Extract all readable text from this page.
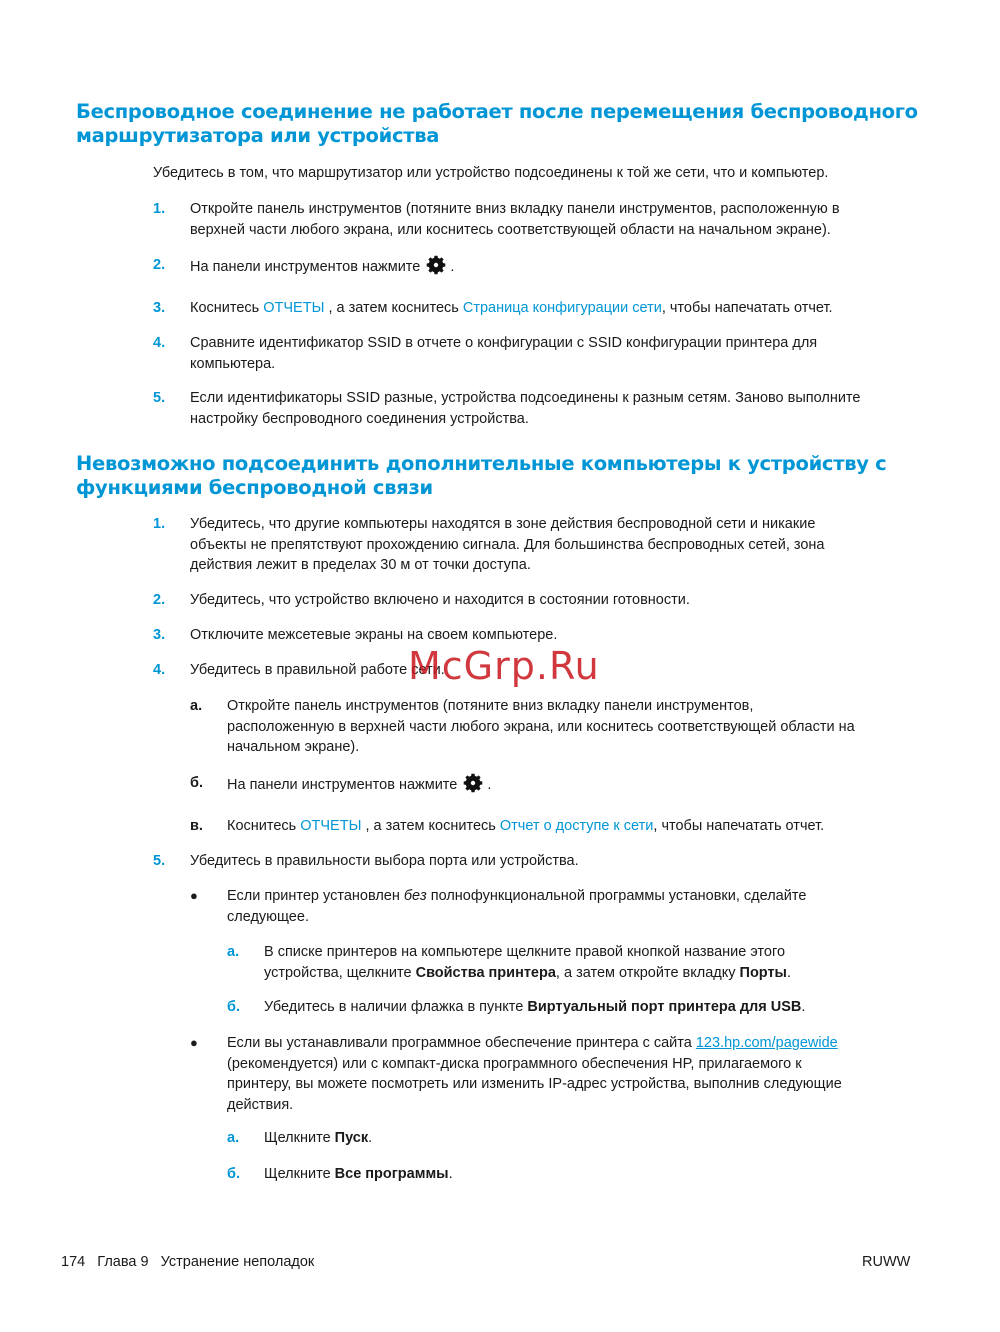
Беспроводное соединение не работает после перемещения беспроводного
маршрутизатора или устройства
Убедитесь в том, что маршрутизатор или устройство подсоединены к той же сети, что и компьютер.
1. Откройте панель инструментов (потяните вниз вкладку панели инструментов, расположенную в
верхней части любого экрана, или коснитесь соответствующей области на начальном экране).
2. На панели инструментов нажмите .
3. Коснитесь ОТЧЕТЫ , а затем коснитесь Страница конфигурации сети, чтобы напечатать отчет.
4. Сравните идентификатор SSID в отчете о конфигурации с SSID конфигурации принтера для
компьютера.
5. Если идентификаторы SSID разные, устройства подсоединены к разным сетям. Заново выполните
настройку беспроводного соединения устройства.
Невозможно подсоединить дополнительные компьютеры к устройству с
функциями беспроводной связи
1. Убедитесь, что другие компьютеры находятся в зоне действия беспроводной сети и никакие
объекты не препятствуют прохождению сигнала. Для большинства беспроводных сетей, зона
действия лежит в пределах 30 м от точки доступа.
2. Убедитесь, что устройство включено и находится в состоянии готовности.
3. Отключите межсетевые экраны на своем компьютере.
4. Убедитесь в правильной работе сети.
а. Откройте панель инструментов (потяните вниз вкладку панели инструментов,
расположенную в верхней части любого экрана, или коснитесь соответствующей области на
начальном экране).
б. На панели инструментов нажмите .
в. Коснитесь ОТЧЕТЫ , а затем коснитесь Отчет о доступе к сети, чтобы напечатать отчет.
5. Убедитесь в правильности выбора порта или устройства.
● Если принтер установлен без полнофункциональной программы установки, сделайте
следующее.
а. В списке принтеров на компьютере щелкните правой кнопкой название этого
устройства, щелкните Свойства принтера, а затем откройте вкладку Порты.
б. Убедитесь в наличии флажка в пункте Виртуальный порт принтера для USB.
● Если вы устанавливали программное обеспечение принтера с сайта 123.hp.com/pagewide
(рекомендуется) или с компакт-диска программного обеспечения HP, прилагаемого к
принтеру, вы можете посмотреть или изменить IP-адрес устройства, выполнив следующие
действия.
а. Щелкните Пуск.
б. Щелкните Все программы.
McGrp.Ru
174 Глава 9 Устранение неполадок	RUWW
